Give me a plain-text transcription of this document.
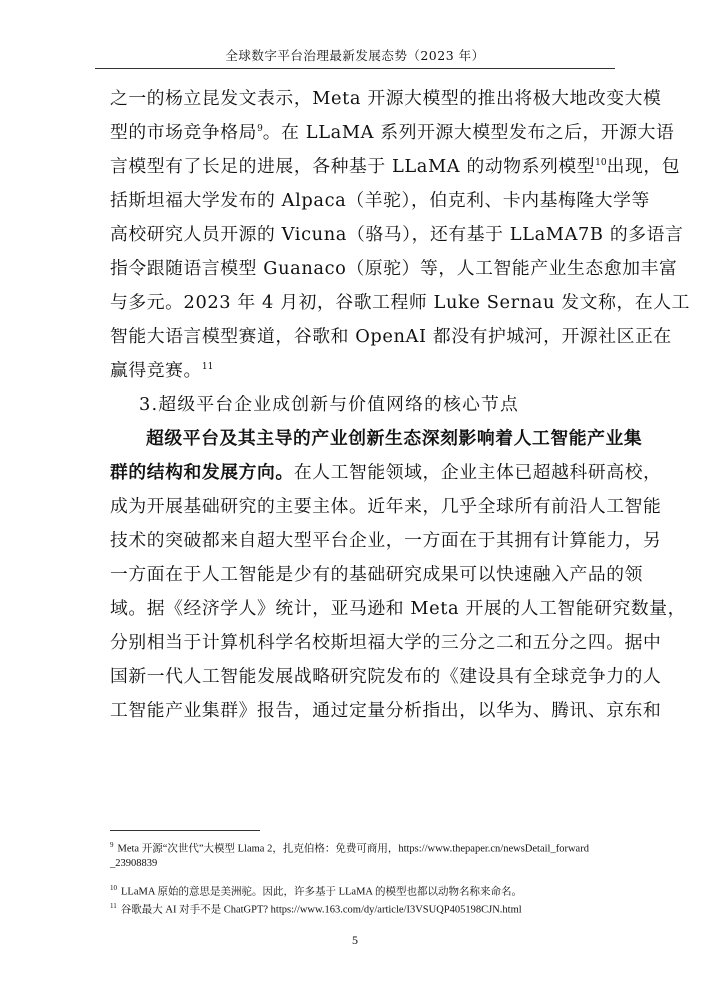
全球数字平台治理最新发展态势（2023 年）
之一的杨立昆发文表示，Meta 开源大模型的推出将极大地改变大模
型的市场竞争格局$^9$。在 LLaMA 系列开源大模型发布之后，开源大语
言模型有了长足的进展，各种基于 LLaMA 的动物系列模型$^{10}$出现，包
括斯坦福大学发布的 Alpaca（羊驼），伯克利、卡内基梅隆大学等
高校研究人员开源的 Vicuna（骆马），还有基于 LLaMA7B 的多语言
指令跟随语言模型 Guanaco（原驼）等，人工智能产业生态愈加丰富
与多元。2023 年 4 月初，谷歌工程师 Luke Sernau 发文称，在人工
智能大语言模型赛道，谷歌和 OpenAI 都没有护城河，开源社区正在
赢得竞赛。$^{11}$
3.超级平台企业成创新与价值网络的核心节点
超级平台及其主导的产业创新生态深刻影响着人工智能产业集
群的结构和发展方向。在人工智能领域，企业主体已超越科研高校，
成为开展基础研究的主要主体。近年来，几乎全球所有前沿人工智能
技术的突破都来自超大型平台企业，一方面在于其拥有计算能力，另
一方面在于人工智能是少有的基础研究成果可以快速融入产品的领
域。据《经济学人》统计，亚马逊和 Meta 开展的人工智能研究数量，
分别相当于计算机科学名校斯坦福大学的三分之二和五分之四。据中
国新一代人工智能发展战略研究院发布的《建设具有全球竞争力的人
工智能产业集群》报告，通过定量分析指出，以华为、腾讯、京东和

$^9$ Meta 开源“次世代”大模型 Llama 2，扎克伯格：免费可商用，https://www.thepaper.cn/newsDetail_forward
_23908839

$^{10}$ LLaMA 原始的意思是美洲驼。因此，许多基于 LLaMA 的模型也都以动物名称来命名。

$^{11}$ 谷歌最大 AI 对手不是 ChatGPT? https://www.163.com/dy/article/I3VSUQP405198CJN.html

5
